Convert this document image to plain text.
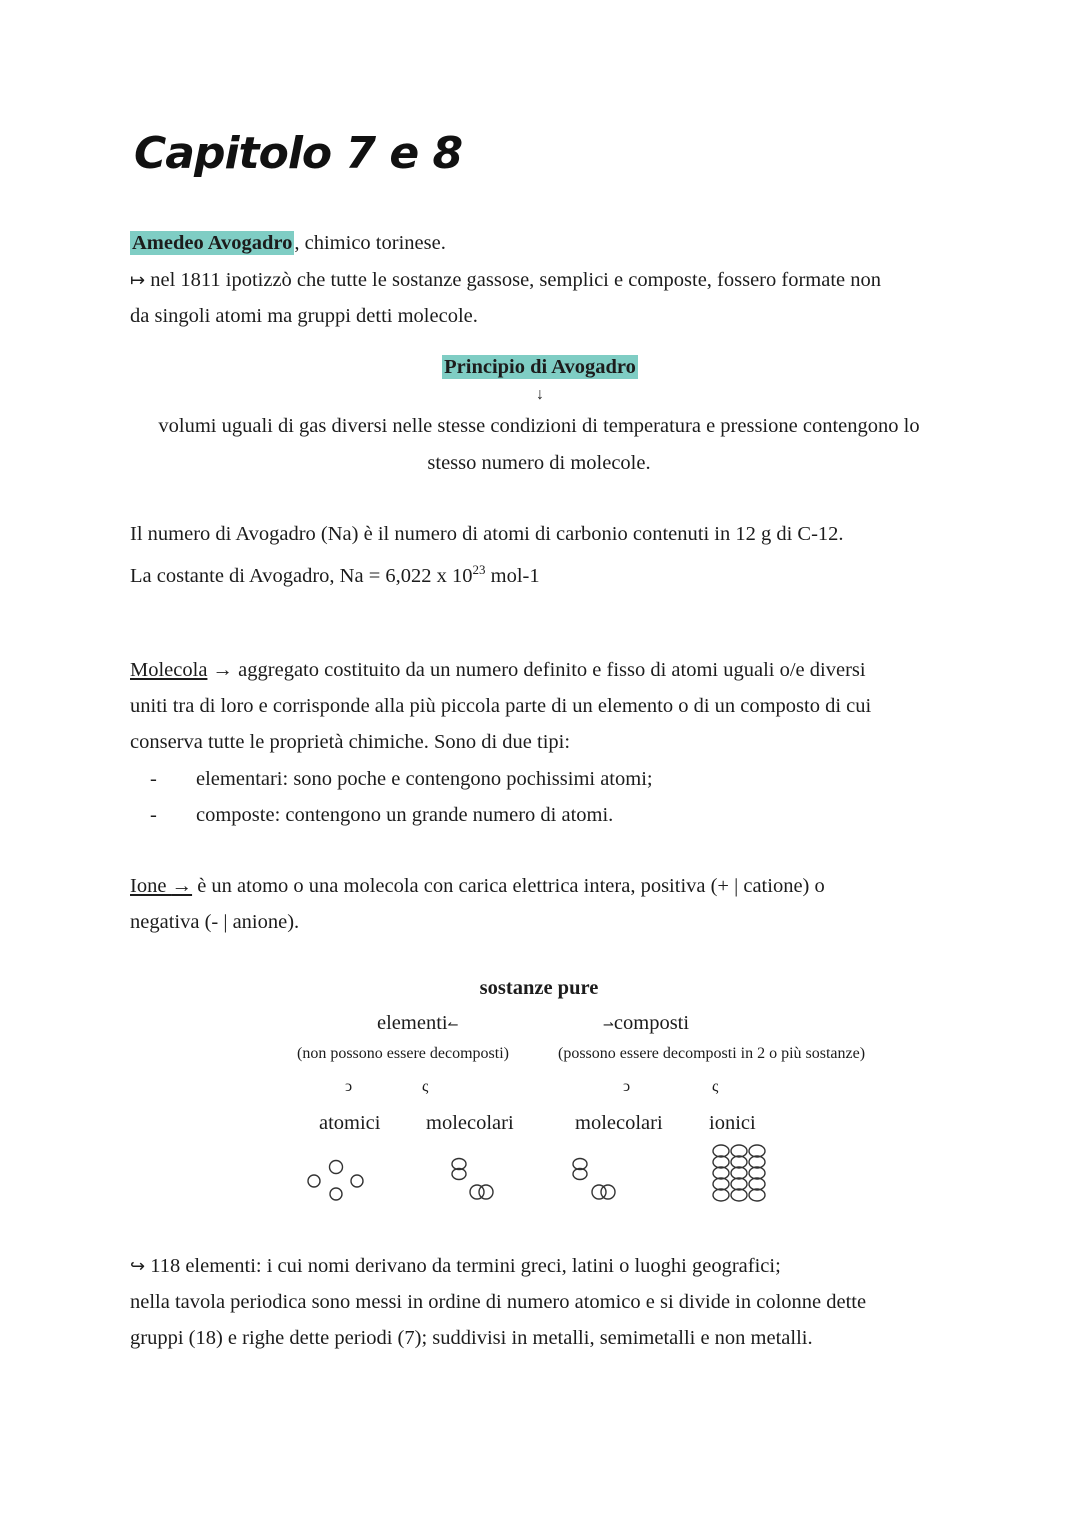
Capitolo 7 e 8
Amedeo Avogadro, chimico torinese.
↦ nel 1811 ipotizzò che tutte le sostanze gassose, semplici e composte, fossero formate non
da singoli atomi ma gruppi detti molecole.
Principio di Avogadro
↓
volumi uguali di gas diversi nelle stesse condizioni di temperatura e pressione contengono lo
stesso numero di molecole.
Il numero di Avogadro (Na) è il numero di atomi di carbonio contenuti in 12 g di C-12.
La costante di Avogadro, Na = 6,022 x $10^{23}$ mol-1
Molecola → aggregato costituito da un numero definito e fisso di atomi uguali o/e diversi
uniti tra di loro e corrisponde alla più piccola parte di un elemento o di un composto di cui
conserva tutte le proprietà chimiche. Sono di due tipi:
- elementari: sono poche e contengono pochissimi atomi;
- composte: contengono un grande numero di atomi.
Ione → è un atomo o una molecola con carica elettrica intera, positiva (+ | catione) o
negativa (- | anione).
sostanze pure
elementi↼	⇀composti
(non possono essere decomposti)	(possono essere decomposti in 2 o più sostanze)
ↄ	ς	ↄ	ς
atomici molecolari	molecolari ionici
↪ 118 elementi: i cui nomi derivano da termini greci, latini o luoghi geografici;
nella tavola periodica sono messi in ordine di numero atomico e si divide in colonne dette
gruppi (18) e righe dette periodi (7); suddivisi in metalli, semimetalli e non metalli.
